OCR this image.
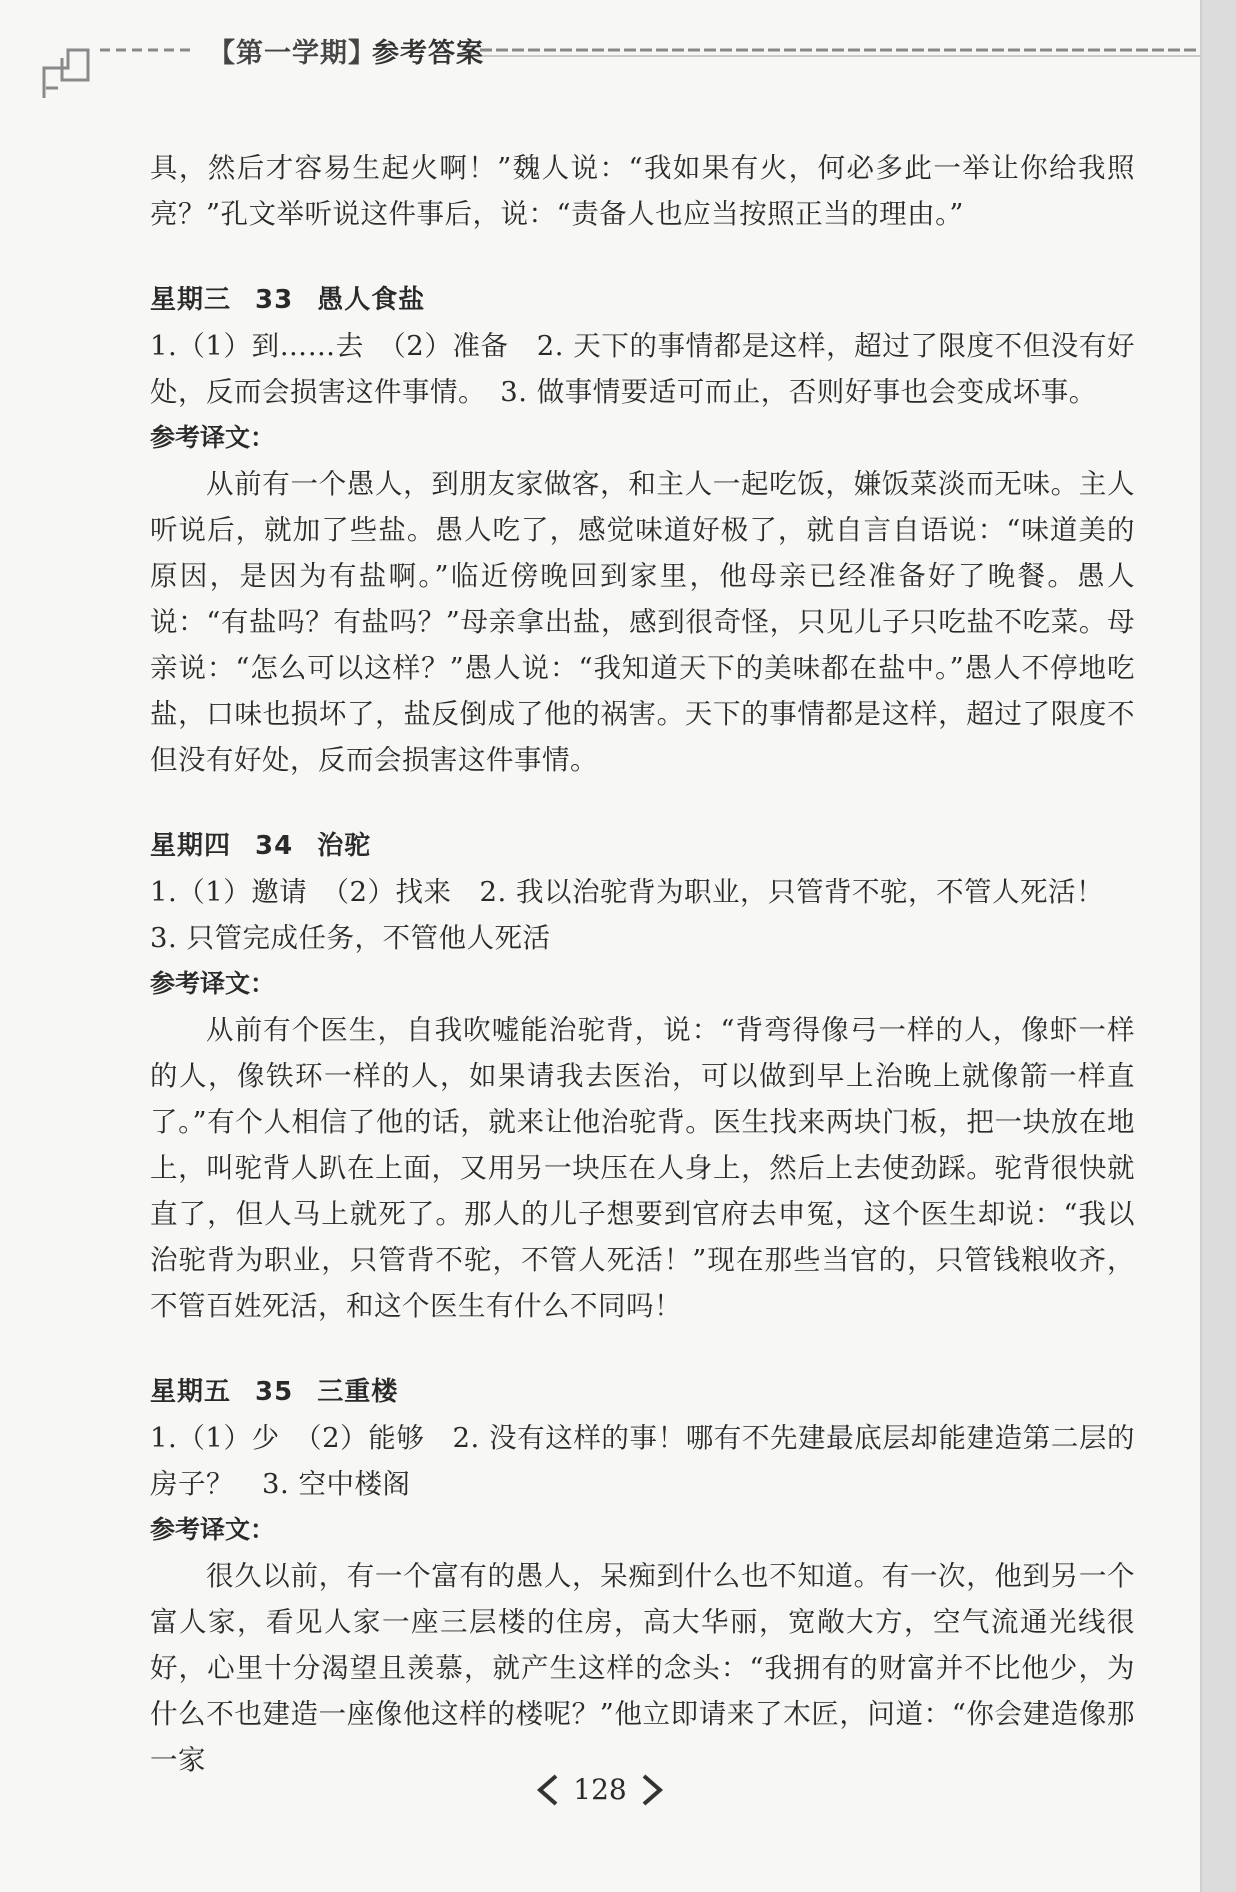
【第一学期】
参考答案

具，然后才容易生起火啊！”魏人说：“我如果有火，何必多此一举让你给我照亮？”孔文举听说这件事后，说：“责备人也应当按照正当的理由。”

星期三 33 愚人食盐

1.（1）到……去　（2）准备　2. 天下的事情都是这样，超过了限度不但没有好处，反而会损害这件事情。　3. 做事情要适可而止，否则好事也会变成坏事。

参考译文：

从前有一个愚人，到朋友家做客，和主人一起吃饭，嫌饭菜淡而无味。主人听说后，就加了些盐。愚人吃了，感觉味道好极了，就自言自语说：“味道美的原因，是因为有盐啊。”临近傍晚回到家里，他母亲已经准备好了晚餐。愚人说：“有盐吗？有盐吗？”母亲拿出盐，感到很奇怪，只见儿子只吃盐不吃菜。母亲说：“怎么可以这样？”愚人说：“我知道天下的美味都在盐中。”愚人不停地吃盐，口味也损坏了，盐反倒成了他的祸害。天下的事情都是这样，超过了限度不但没有好处，反而会损害这件事情。

星期四 34 治驼

1.（1）邀请　（2）找来　2. 我以治驼背为职业，只管背不驼，不管人死活！

3. 只管完成任务，不管他人死活

参考译文：

从前有个医生，自我吹嘘能治驼背，说：“背弯得像弓一样的人，像虾一样的人，像铁环一样的人，如果请我去医治，可以做到早上治晚上就像箭一样直了。”有个人相信了他的话，就来让他治驼背。医生找来两块门板，把一块放在地上，叫驼背人趴在上面，又用另一块压在人身上，然后上去使劲踩。驼背很快就直了，但人马上就死了。那人的儿子想要到官府去申冤，这个医生却说：“我以治驼背为职业，只管背不驼，不管人死活！”现在那些当官的，只管钱粮收齐，不管百姓死活，和这个医生有什么不同吗！

星期五 35 三重楼

1.（1）少　（2）能够　2. 没有这样的事！哪有不先建最底层却能建造第二层的房子？　3. 空中楼阁

参考译文：

很久以前，有一个富有的愚人，呆痴到什么也不知道。有一次，他到另一个富人家，看见人家一座三层楼的住房，高大华丽，宽敞大方，空气流通光线很好，心里十分渴望且羡慕，就产生这样的念头：“我拥有的财富并不比他少，为什么不也建造一座像他这样的楼呢？”他立即请来了木匠，问道：“你会建造像那一家

128
